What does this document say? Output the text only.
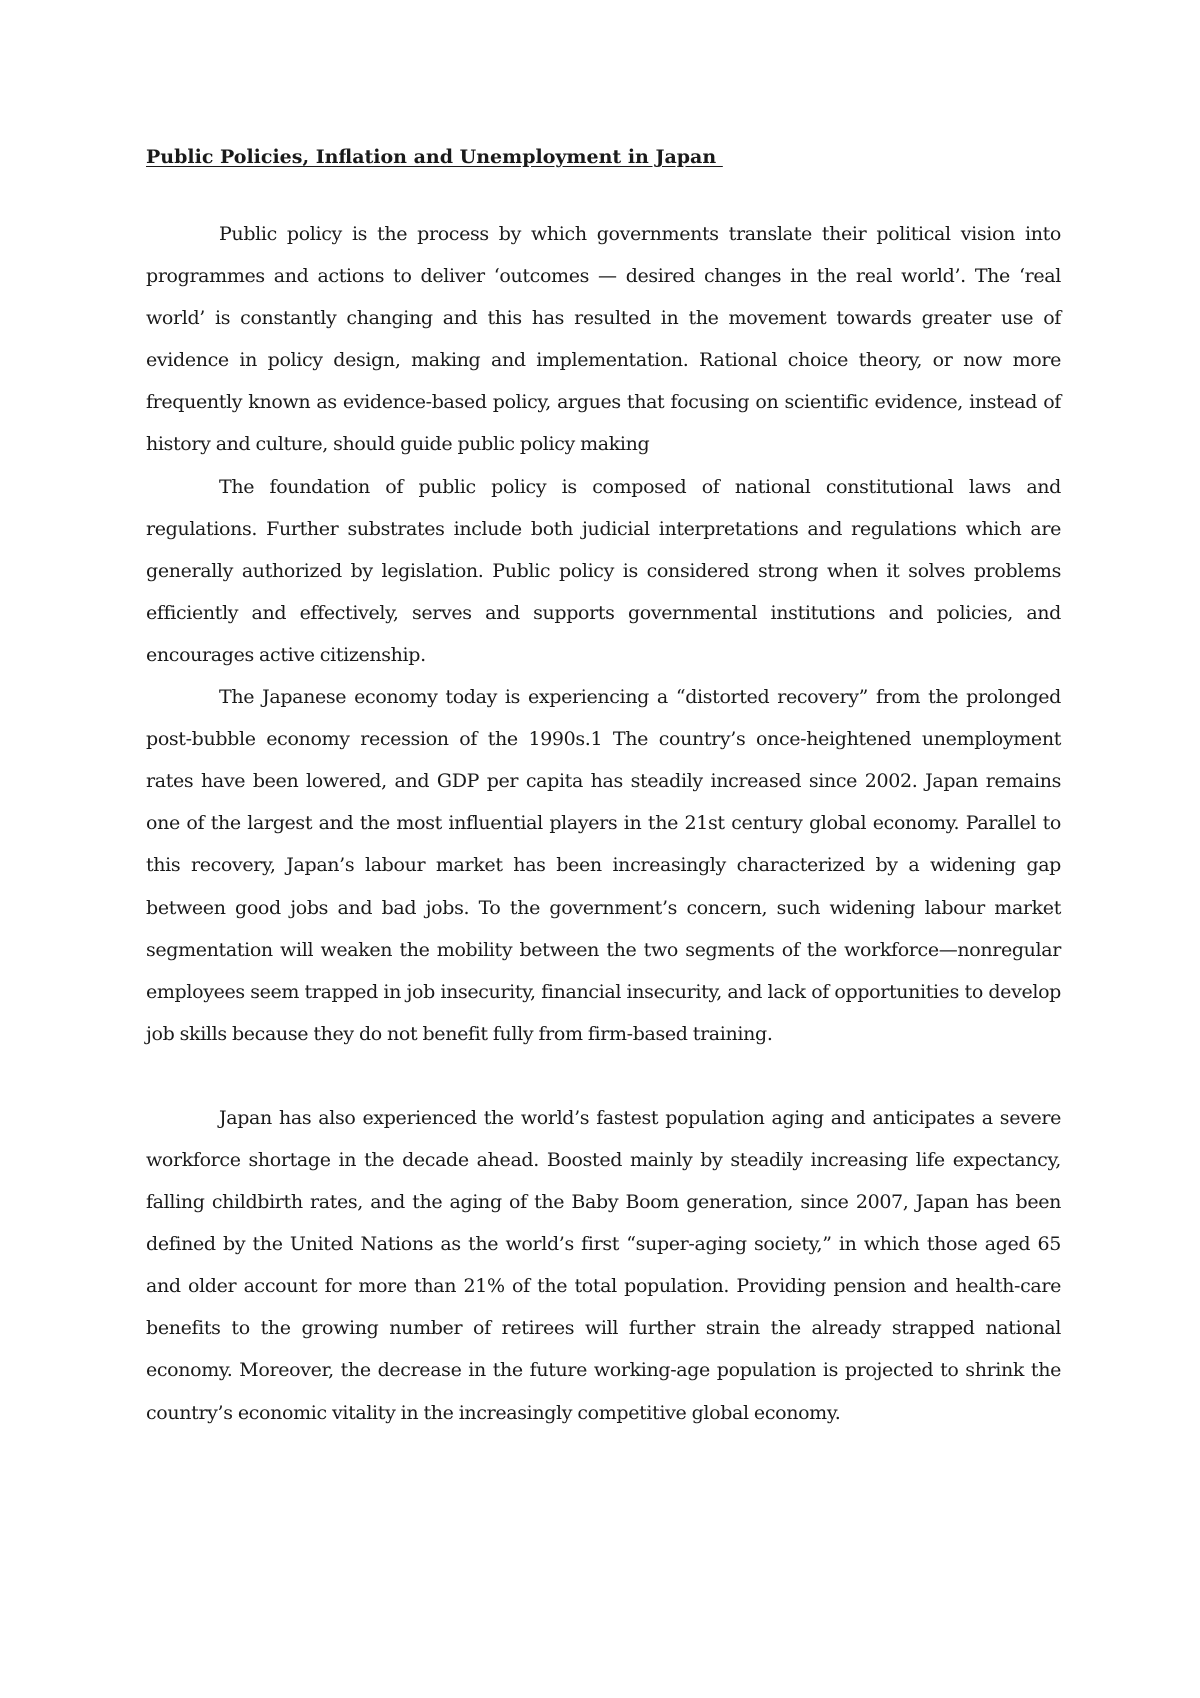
Public Policies, Inflation and Unemployment in Japan

Public policy is the process by which governments translate their political vision into programmes and actions to deliver ‘outcomes — desired changes in the real world’. The ‘real world’ is constantly changing and this has resulted in the movement towards greater use of evidence in policy design, making and implementation. Rational choice theory, or now more frequently known as evidence-based policy, argues that focusing on scientific evidence, instead of history and culture, should guide public policy making

The foundation of public policy is composed of national constitutional laws and regulations. Further substrates include both judicial interpretations and regulations which are generally authorized by legislation. Public policy is considered strong when it solves problems efficiently and effectively, serves and supports governmental institutions and policies, and encourages active citizenship.

The Japanese economy today is experiencing a “distorted recovery” from the prolonged post-bubble economy recession of the 1990s.1 The country’s once-heightened unemployment rates have been lowered, and GDP per capita has steadily increased since 2002. Japan remains one of the largest and the most influential players in the 21st century global economy. Parallel to this recovery, Japan’s labour market has been increasingly characterized by a widening gap between good jobs and bad jobs. To the government’s concern, such widening labour market segmentation will weaken the mobility between the two segments of the workforce—nonregular employees seem trapped in job insecurity, financial insecurity, and lack of opportunities to develop job skills because they do not benefit fully from firm-based training.

Japan has also experienced the world’s fastest population aging and anticipates a severe workforce shortage in the decade ahead. Boosted mainly by steadily increasing life expectancy, falling childbirth rates, and the aging of the Baby Boom generation, since 2007, Japan has been defined by the United Nations as the world’s first “super-aging society,” in which those aged 65 and older account for more than 21% of the total population. Providing pension and health-care benefits to the growing number of retirees will further strain the already strapped national economy. Moreover, the decrease in the future working-age population is projected to shrink the country’s economic vitality in the increasingly competitive global economy.
